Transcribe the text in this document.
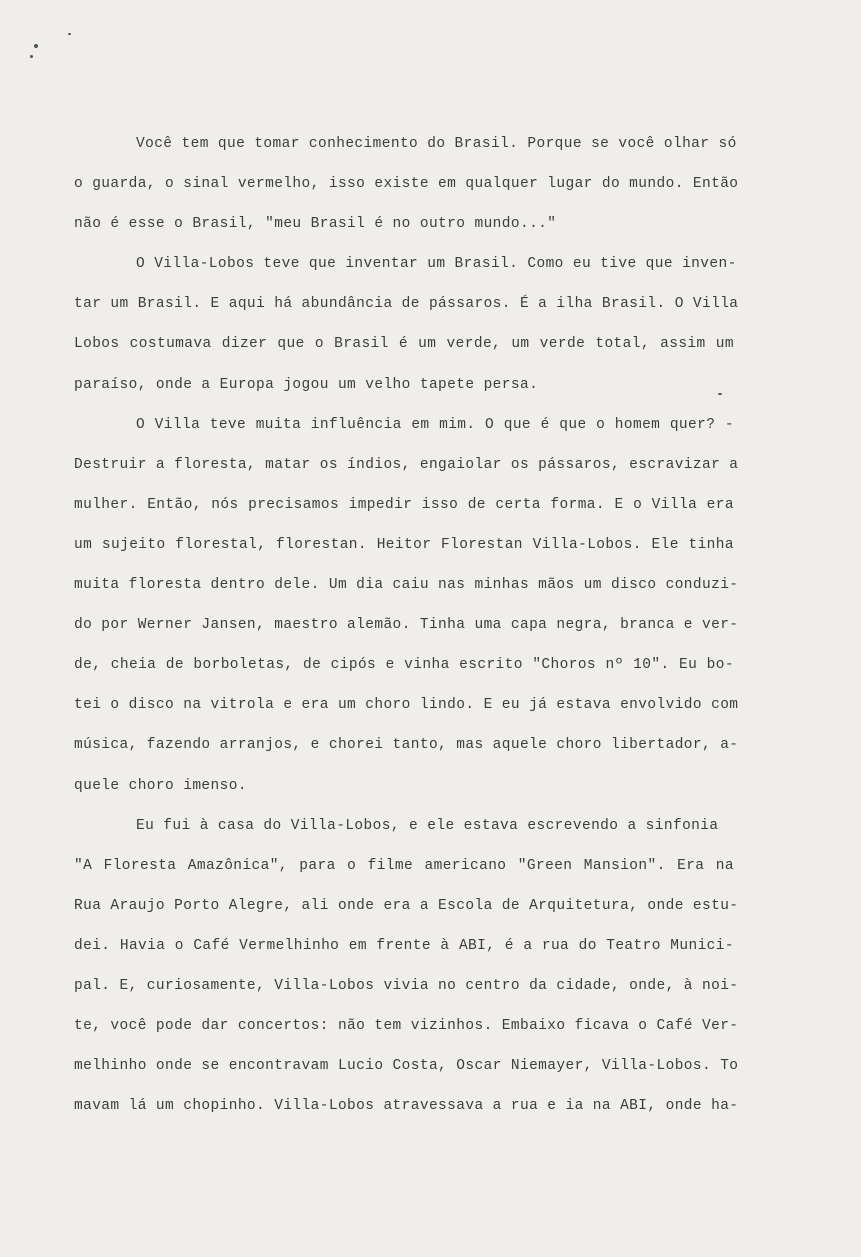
Você tem que tomar conhecimento do Brasil. Porque se você olhar só
o guarda, o sinal vermelho, isso existe em qualquer lugar do mundo. Então
não é esse o Brasil, "meu Brasil é no outro mundo..."
O Villa-Lobos teve que inventar um Brasil. Como eu tive que inven-
tar um Brasil. E aqui há abundância de pássaros. É a ilha Brasil. O Villa
Lobos costumava dizer que o Brasil é um verde, um verde total, assim um
paraíso, onde a Europa jogou um velho tapete persa.
O Villa teve muita influência em mim. O que é que o homem quer? -
Destruir a floresta, matar os índios, engaiolar os pássaros, escravizar a
mulher. Então, nós precisamos impedir isso de certa forma. E o Villa era
um sujeito florestal, florestan. Heitor Florestan Villa-Lobos. Ele tinha
muita floresta dentro dele. Um dia caiu nas minhas mãos um disco conduzi-
do por Werner Jansen, maestro alemão. Tinha uma capa negra, branca e ver-
de, cheia de borboletas, de cipós e vinha escrito "Choros nº 10". Eu bo-
tei o disco na vitrola e era um choro lindo. E eu já estava envolvido com
música, fazendo arranjos, e chorei tanto, mas aquele choro libertador, a-
quele choro imenso.
Eu fui à casa do Villa-Lobos, e ele estava escrevendo a sinfonia
"A Floresta Amazônica", para o filme americano "Green Mansion". Era na
Rua Araujo Porto Alegre, ali onde era a Escola de Arquitetura, onde estu-
dei. Havia o Café Vermelhinho em frente à ABI, é a rua do Teatro Munici-
pal. E, curiosamente, Villa-Lobos vivia no centro da cidade, onde, à noi-
te, você pode dar concertos: não tem vizinhos. Embaixo ficava o Café Ver-
melhinho onde se encontravam Lucio Costa, Oscar Niemayer, Villa-Lobos. To
mavam lá um chopinho. Villa-Lobos atravessava a rua e ia na ABI, onde ha-
